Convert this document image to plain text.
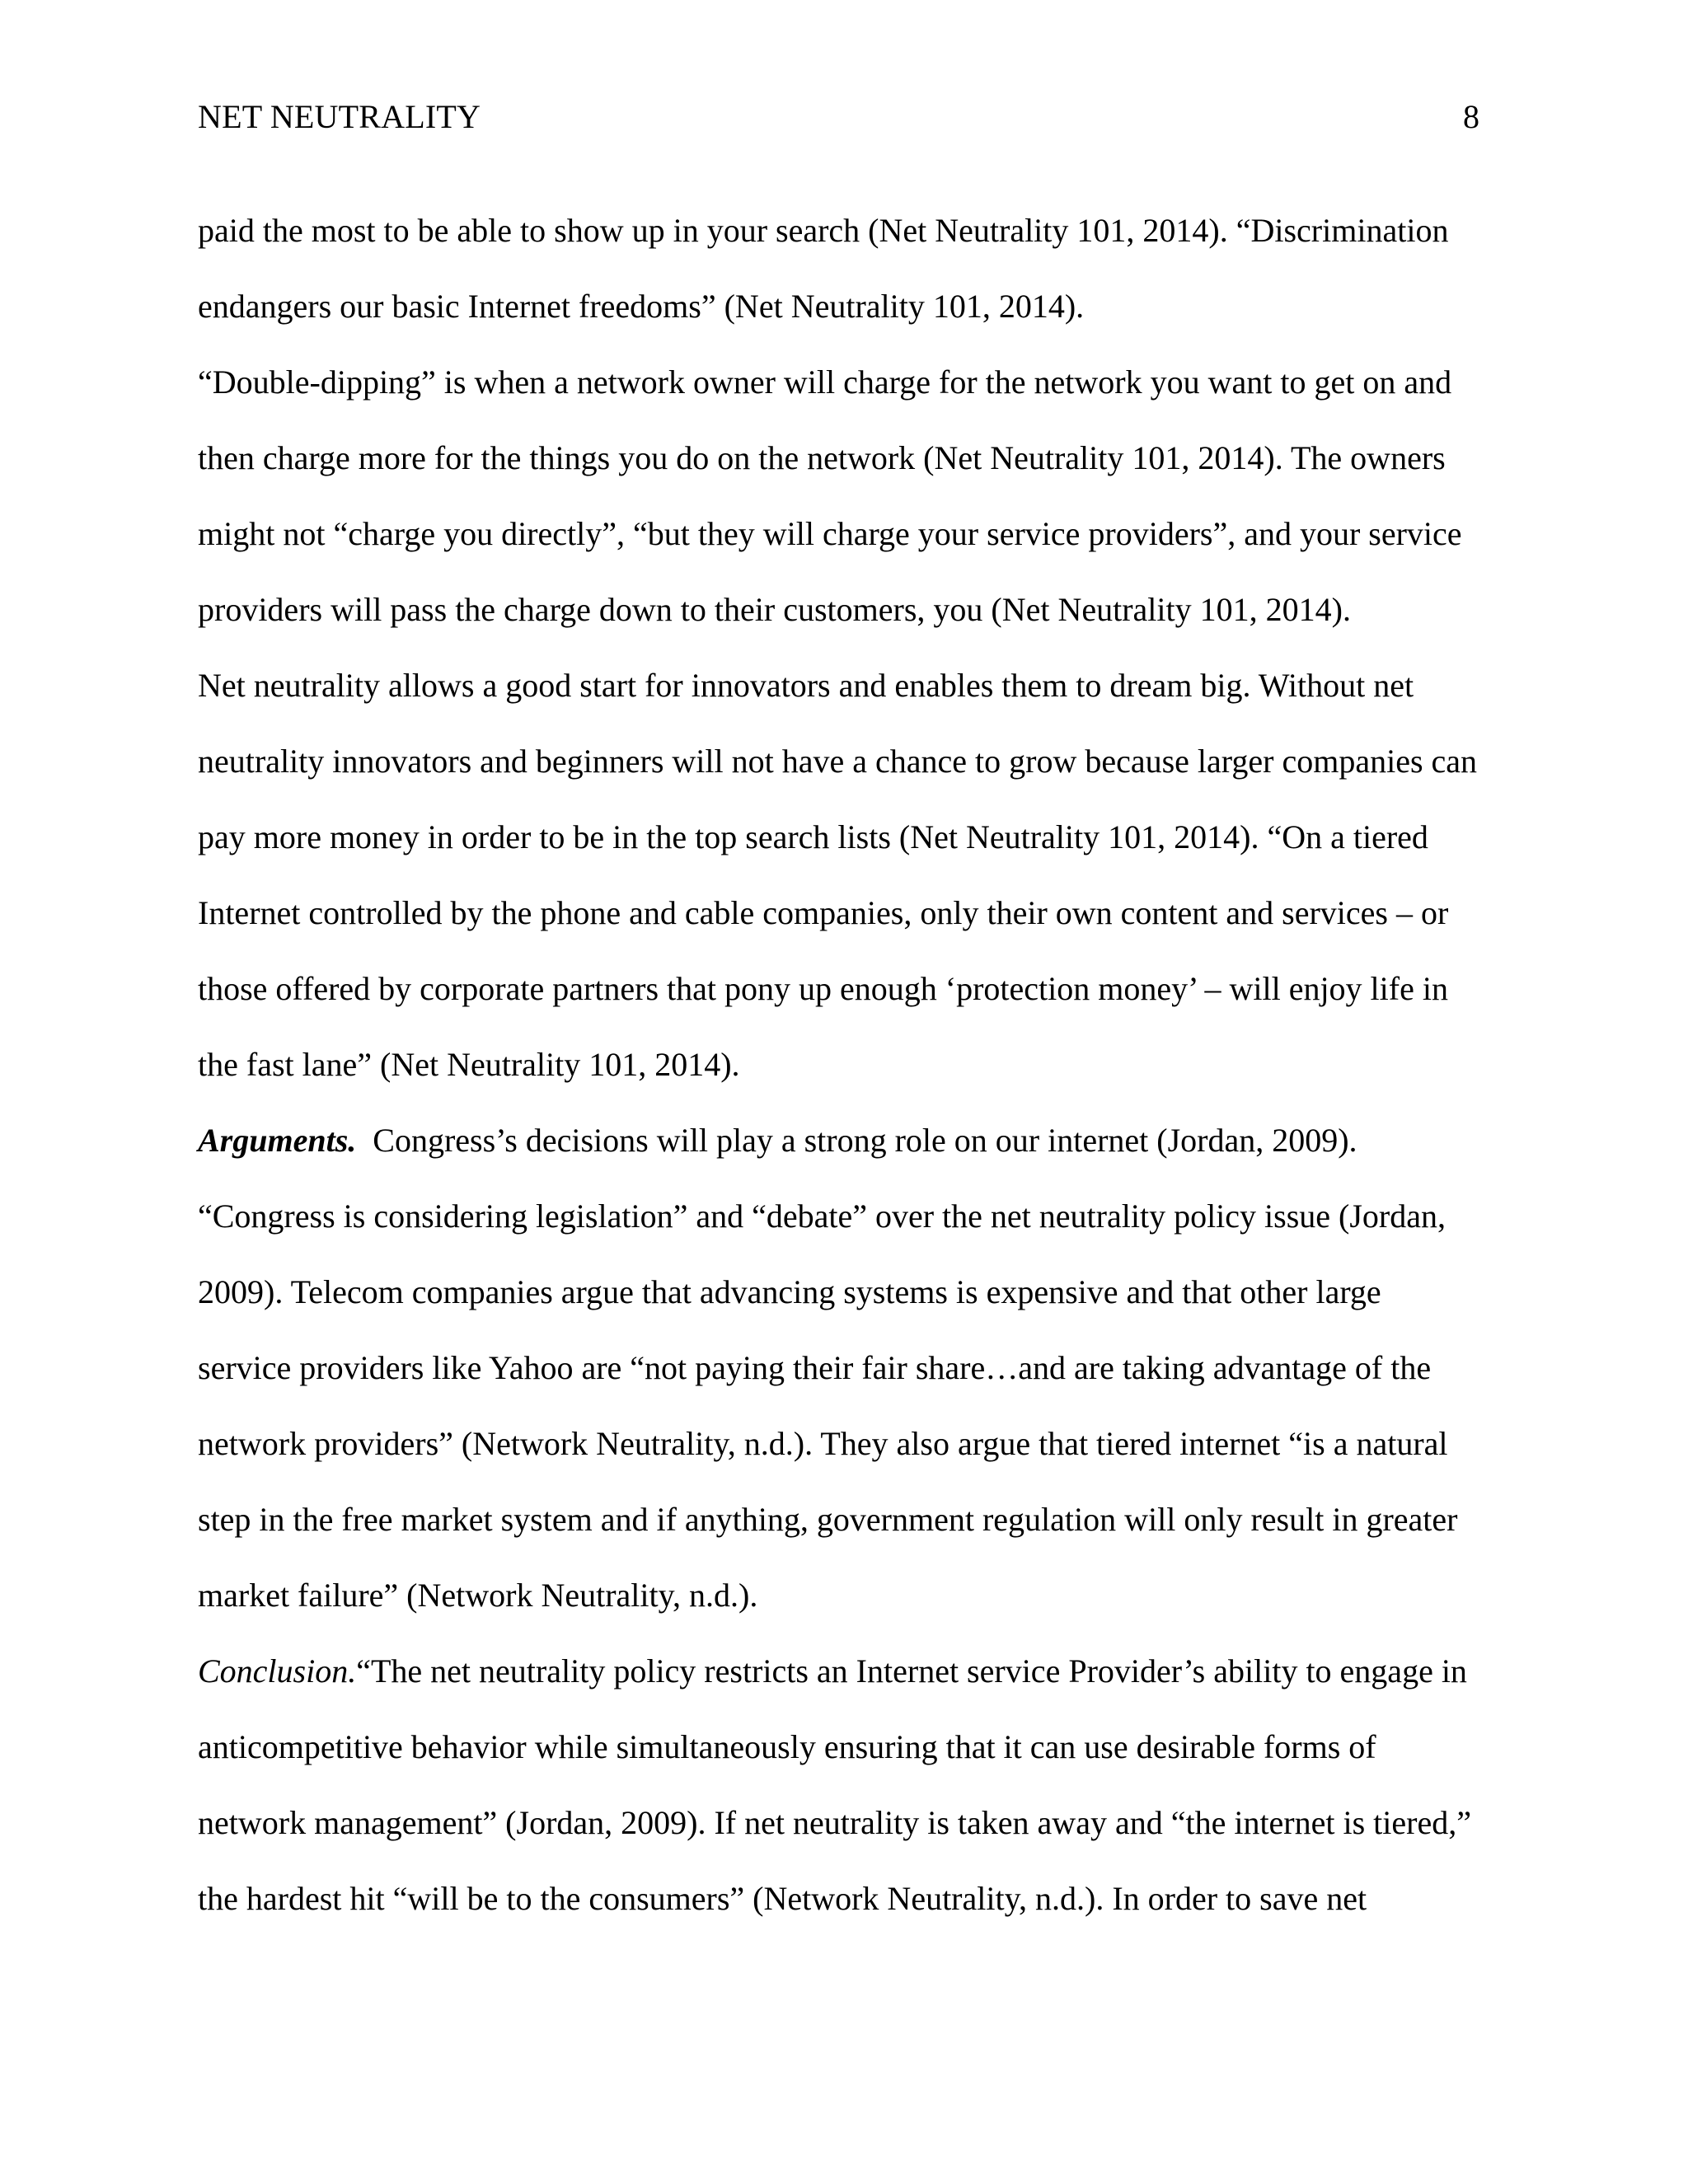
NET NEUTRALITY	8
paid the most to be able to show up in your search (Net Neutrality 101, 2014). “Discrimination
endangers our basic Internet freedoms” (Net Neutrality 101, 2014).
“Double-dipping” is when a network owner will charge for the network you want to get on and
then charge more for the things you do on the network (Net Neutrality 101, 2014). The owners
might not “charge you directly”, “but they will charge your service providers”, and your service
providers will pass the charge down to their customers, you (Net Neutrality 101, 2014).
Net neutrality allows a good start for innovators and enables them to dream big. Without net
neutrality innovators and beginners will not have a chance to grow because larger companies can
pay more money in order to be in the top search lists (Net Neutrality 101, 2014). “On a tiered
Internet controlled by the phone and cable companies, only their own content and services – or
those offered by corporate partners that pony up enough ‘protection money’ – will enjoy life in
the fast lane” (Net Neutrality 101, 2014).
Arguments.  Congress’s decisions will play a strong role on our internet (Jordan, 2009).
“Congress is considering legislation” and “debate” over the net neutrality policy issue (Jordan,
2009). Telecom companies argue that advancing systems is expensive and that other large
service providers like Yahoo are “not paying their fair share…and are taking advantage of the
network providers” (Network Neutrality, n.d.). They also argue that tiered internet “is a natural
step in the free market system and if anything, government regulation will only result in greater
market failure” (Network Neutrality, n.d.).
Conclusion.“The net neutrality policy restricts an Internet service Provider’s ability to engage in
anticompetitive behavior while simultaneously ensuring that it can use desirable forms of
network management” (Jordan, 2009). If net neutrality is taken away and “the internet is tiered,”
the hardest hit “will be to the consumers” (Network Neutrality, n.d.). In order to save net
